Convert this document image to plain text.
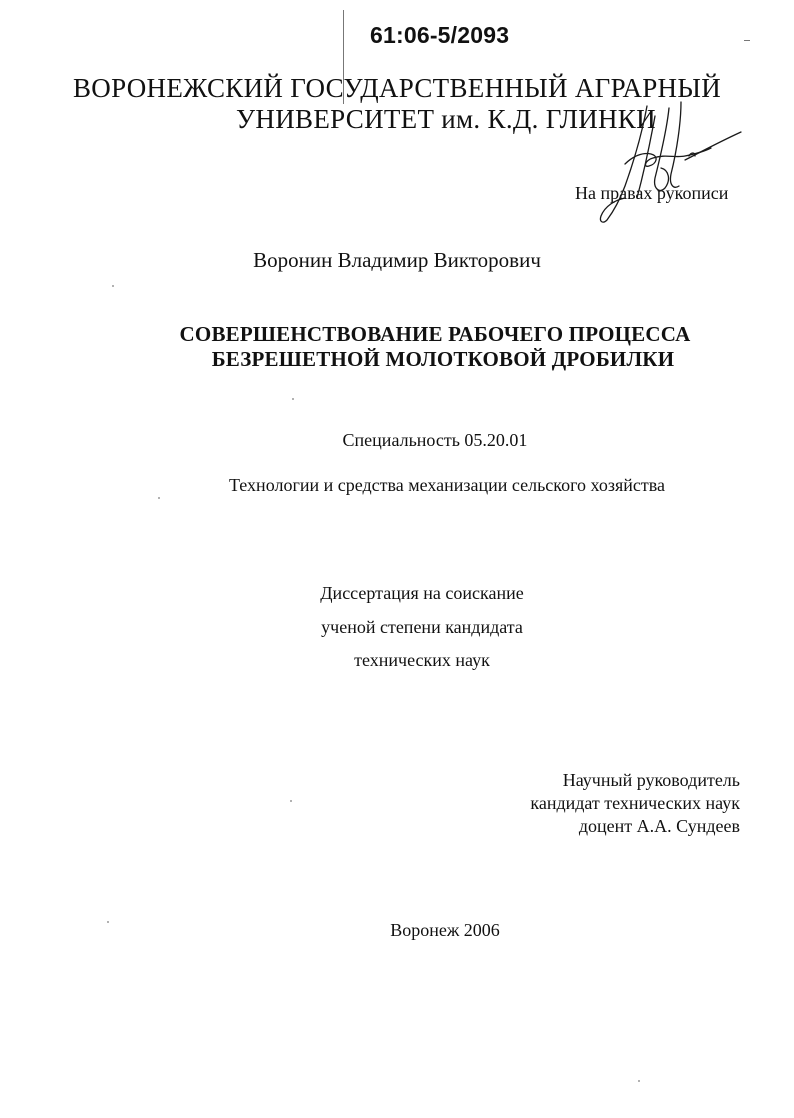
61:06-5/2093
ВОРОНЕЖСКИЙ ГОСУДАРСТВЕННЫЙ АГРАРНЫЙ
УНИВЕРСИТЕТ им. К.Д. ГЛИНКИ
На правах рукописи
Воронин Владимир Викторович
СОВЕРШЕНСТВОВАНИЕ РАБОЧЕГО ПРОЦЕССА
БЕЗРЕШЕТНОЙ МОЛОТКОВОЙ ДРОБИЛКИ
Специальность 05.20.01
Технологии и средства механизации сельского хозяйства
Диссертация на соискание
ученой степени кандидата
технических наук
Научный руководитель
кандидат технических наук
доцент А.А. Сундеев
Воронеж 2006
